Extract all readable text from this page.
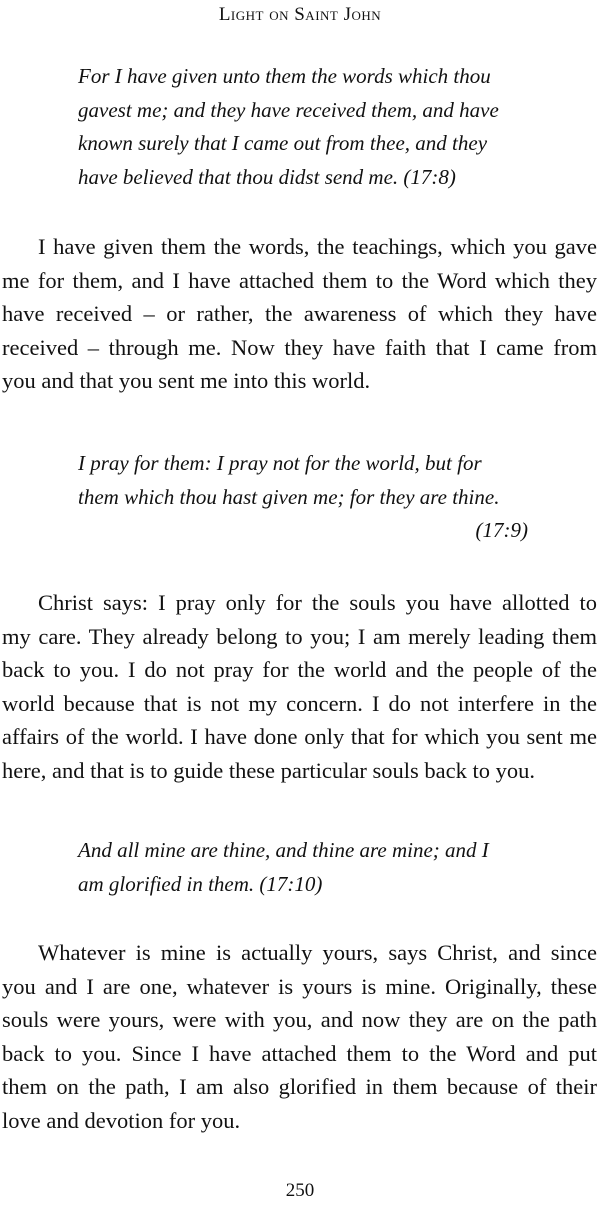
Light on Saint John
For I have given unto them the words which thou
gavest me; and they have received them, and have
known surely that I came out from thee, and they
have believed that thou didst send me. (17:8)
I have given them the words, the teachings, which you gave
me for them, and I have attached them to the Word which they
have received – or rather, the awareness of which they have
received – through me. Now they have faith that I came from
you and that you sent me into this world.
I pray for them: I pray not for the world, but for
them which thou hast given me; for they are thine.
(17:9)
Christ says: I pray only for the souls you have allotted to
my care. They already belong to you; I am merely leading them
back to you. I do not pray for the world and the people of the
world because that is not my concern. I do not interfere in the
affairs of the world. I have done only that for which you sent me
here, and that is to guide these particular souls back to you.
And all mine are thine, and thine are mine; and I
am glorified in them. (17:10)
Whatever is mine is actually yours, says Christ, and since
you and I are one, whatever is yours is mine. Originally, these
souls were yours, were with you, and now they are on the path
back to you. Since I have attached them to the Word and put
them on the path, I am also glorified in them because of their
love and devotion for you.
250
